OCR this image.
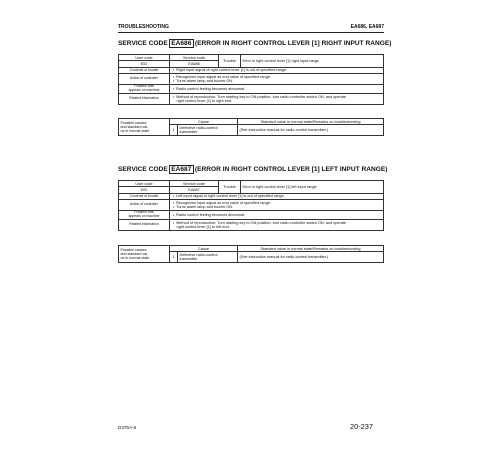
TROUBLESHOOTING	EA686, EA687
SERVICE CODE EA686 (ERROR IN RIGHT CONTROL LEVER [1] RIGHT INPUT RANGE)
User code	Service code	Trouble	Error in right control lever [1] right input range
E02	EA686		
Contents of trouble	• Right input signal of right control lever [1] is out of specified range.

Action of controller	• Recognizes input signal as end value of specified range.
• Turns alarm lamp and buzzer ON.

Problem that
appears on machine	• Radio control feeling becomes abnormal.

Related information	• Method of reproduction: Turn starting key to ON position, turn radio controller switch ON, and operate
right control lever [1] to right end.
Possible causes
and standard val-
ue in normal state	Cause		Standard value in normal state/Remarks on troubleshooting
	1	Defective radio-control
transmitter	(See instruction manual for radio-control transmitter.)
SERVICE CODE EA687 (ERROR IN RIGHT CONTROL LEVER [1] LEFT INPUT RANGE)
User code	Service code	Trouble	Error in right control lever [1] left input range
E02	EA687		
Contents of trouble	• Left input signal of right control lever [1] is out of specified range.

Action of controller	• Recognizes input signal as end value of specified range.
• Turns alarm lamp and buzzer ON.

Problem that
appears on machine	• Radio control feeling becomes abnormal.

Related information	• Method of reproduction: Turn starting key to ON position, turn radio controller switch ON, and operate
right control lever [1] to left end.
Possible causes
and standard val-
ue in normal state	Cause		Standard value in normal state/Remarks on troubleshooting
	1	Defective radio-control
transmitter	(See instruction manual for radio-control transmitter.)
D375A-6	20-237
